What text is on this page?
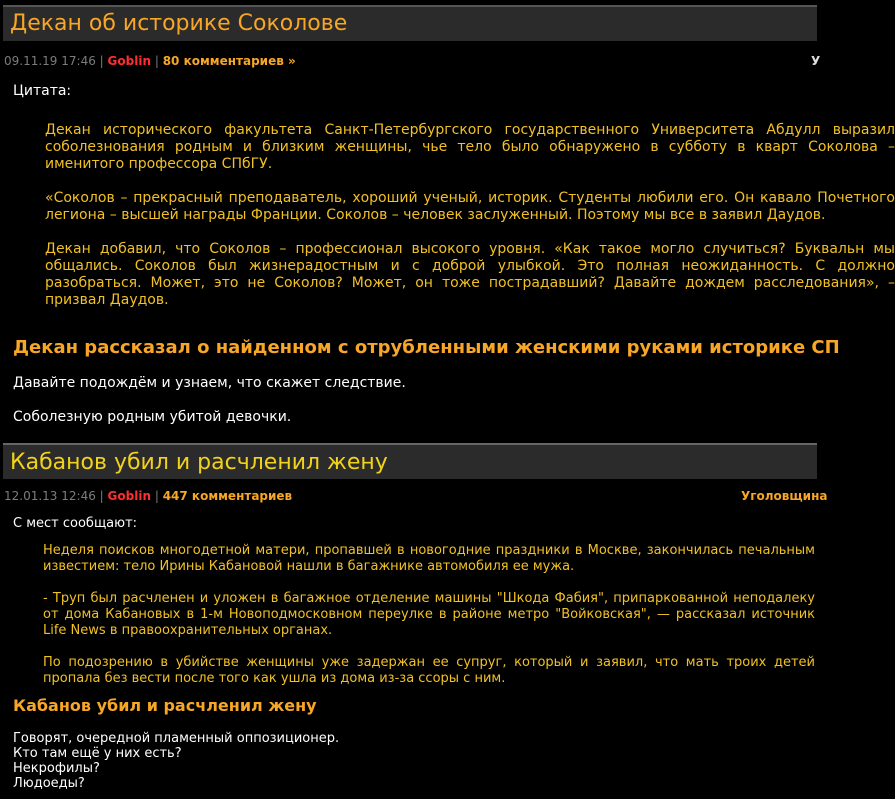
Декан об историке Соколове
09.11.19 17:46 | Goblin | 80 комментариев »	У
Цитата:

Декан исторического факультета Санкт-Петербургского государственного Университета Абдулл выразил соболезнования родным и близким женщины, чье тело было обнаружено в субботу в кварт Соколова – именитого профессора СПбГУ.

«Соколов – прекрасный преподаватель, хороший ученый, историк. Студенты любили его. Он кавало Почетного легиона – высшей награды Франции. Соколов – человек заслуженный. Поэтому мы все в заявил Даудов.

Декан добавил, что Соколов – профессионал высокого уровня. «Как такое могло случиться? Буквальн мы общались. Соколов был жизнерадостным и с доброй улыбкой. Это полная неожиданность. С должно разобраться. Может, это не Соколов? Может, он тоже пострадавший? Давайте дождем расследования», – призвал Даудов.

Декан рассказал о найденном с отрубленными женскими руками историке СП
Давайте подождём и узнаем, что скажет следствие.
Соболезную родным убитой девочки.
Кабанов убил и расчленил жену
12.01.13 12:46 | Goblin | 447 комментариев	Уголовщина
С мест сообщают:

Неделя поисков многодетной матери, пропавшей в новогодние праздники в Москве, закончилась печальным известием: тело Ирины Кабановой нашли в багажнике автомобиля ее мужа.

- Труп был расчленен и уложен в багажное отделение машины "Шкода Фабия", припаркованной неподалеку от дома Кабановых в 1-м Новоподмосковном переулке в районе метро "Войковская", — рассказал источник Life News в правоохранительных органах.

По подозрению в убийстве женщины уже задержан ее супруг, который и заявил, что мать троих детей пропала без вести после того как ушла из дома из-за ссоры с ним.

Кабанов убил и расчленил жену
Говорят, очередной пламенный оппозиционер.
Кто там ещё у них есть?
Некрофилы?
Людоеды?
